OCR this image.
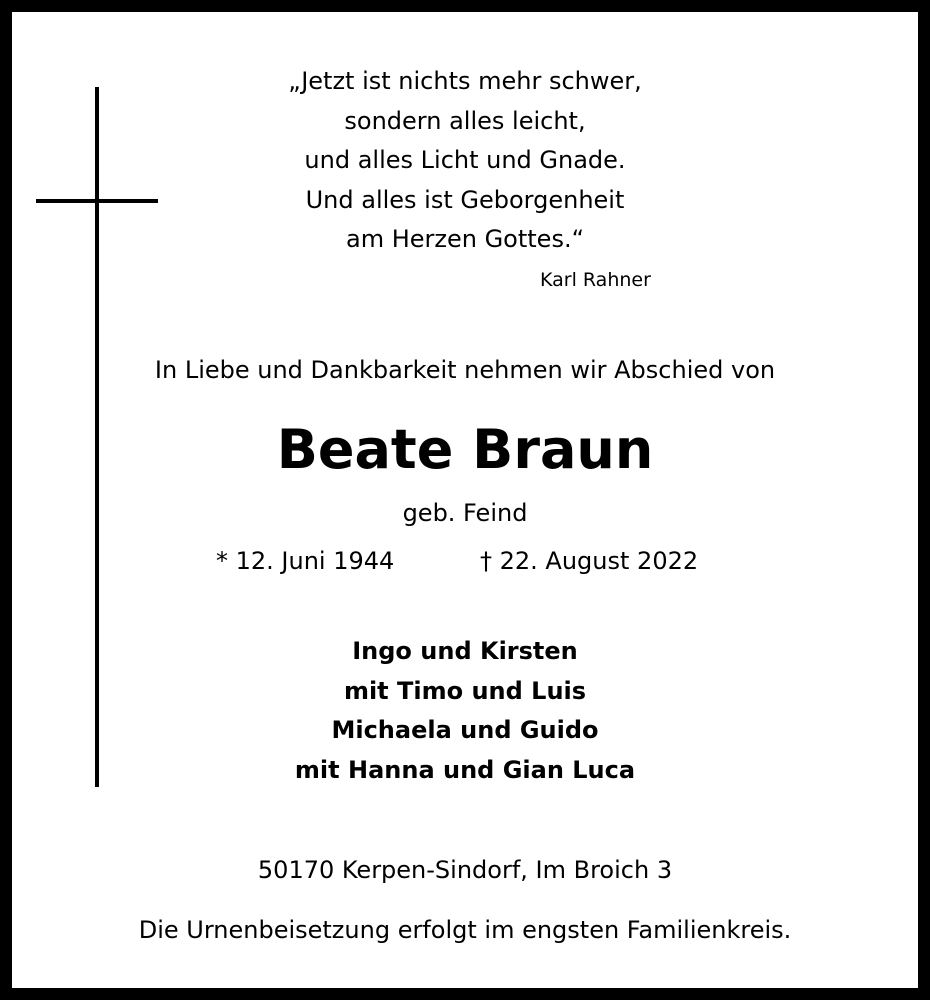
„Jetzt ist nichts mehr schwer,
sondern alles leicht,
und alles Licht und Gnade.
Und alles ist Geborgenheit
am Herzen Gottes.“
Karl Rahner
In Liebe und Dankbarkeit nehmen wir Abschied von
Beate Braun
geb. Feind
* 12. Juni 1944	† 22. August 2022
Ingo und Kirsten
mit Timo und Luis
Michaela und Guido
mit Hanna und Gian Luca
50170 Kerpen-Sindorf, Im Broich 3
Die Urnenbeisetzung erfolgt im engsten Familienkreis.
